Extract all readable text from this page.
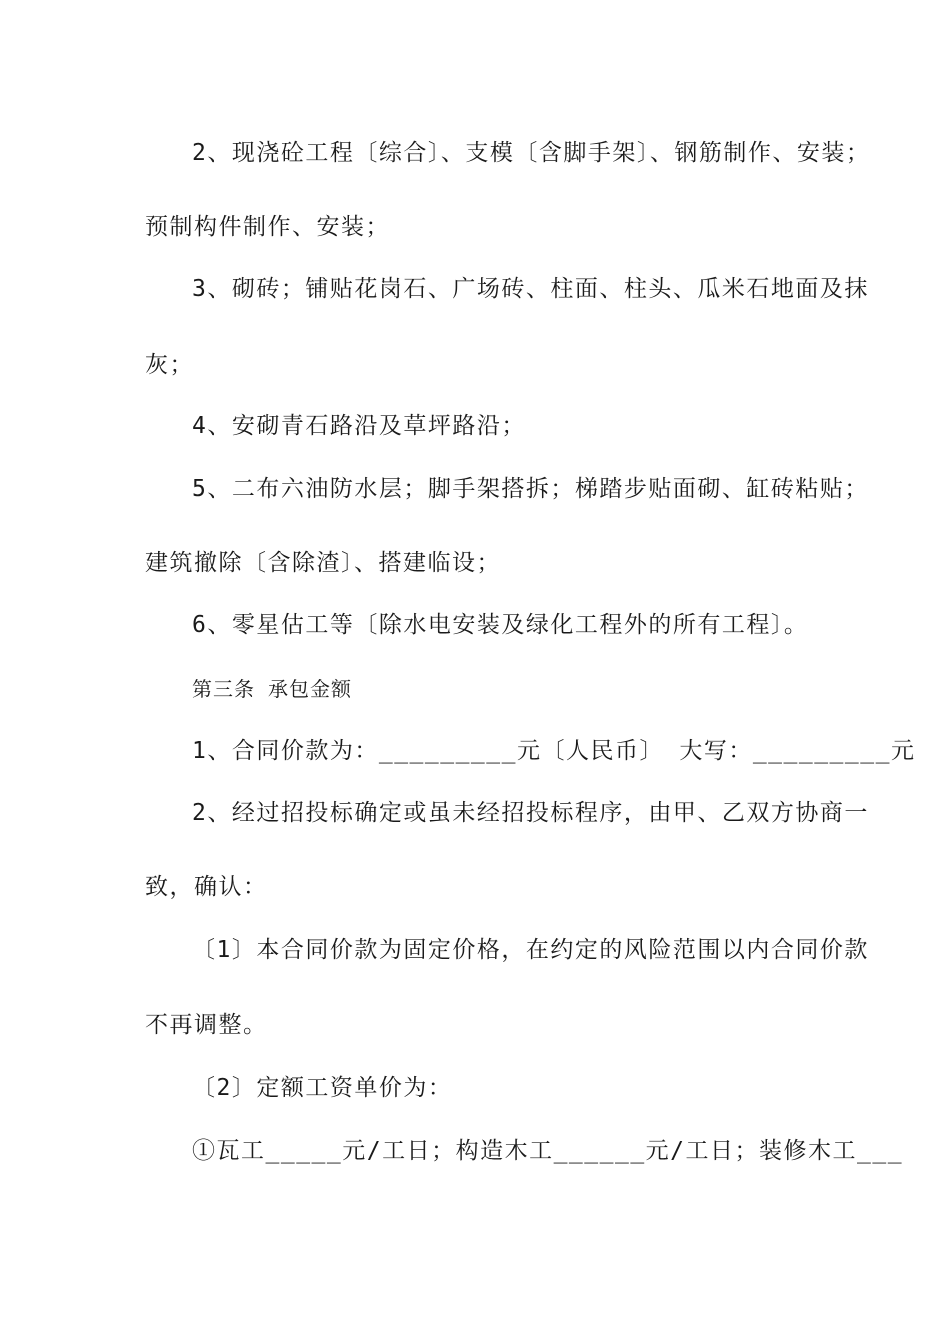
2、现浇砼工程〔综合〕、支模〔含脚手架〕、钢筋制作、安装；
预制构件制作、安装；
3、砌砖；铺贴花岗石、广场砖、柱面、柱头、瓜米石地面及抹
灰；
4、安砌青石路沿及草坪路沿；
5、二布六油防水层；脚手架搭拆；梯踏步贴面砌、缸砖粘贴；
建筑撤除〔含除渣〕、搭建临设；
6、零星估工等〔除水电安装及绿化工程外的所有工程〕。
第三条 承包金额
1、合同价款为：_________元〔人民币〕 大写：_________元
2、经过招投标确定或虽未经招投标程序，由甲、乙双方协商一
致，确认：
〔1〕本合同价款为固定价格，在约定的风险范围以内合同价款
不再调整。
〔2〕定额工资单价为：
①瓦工_____元/工日；构造木工______元/工日；装修木工___
